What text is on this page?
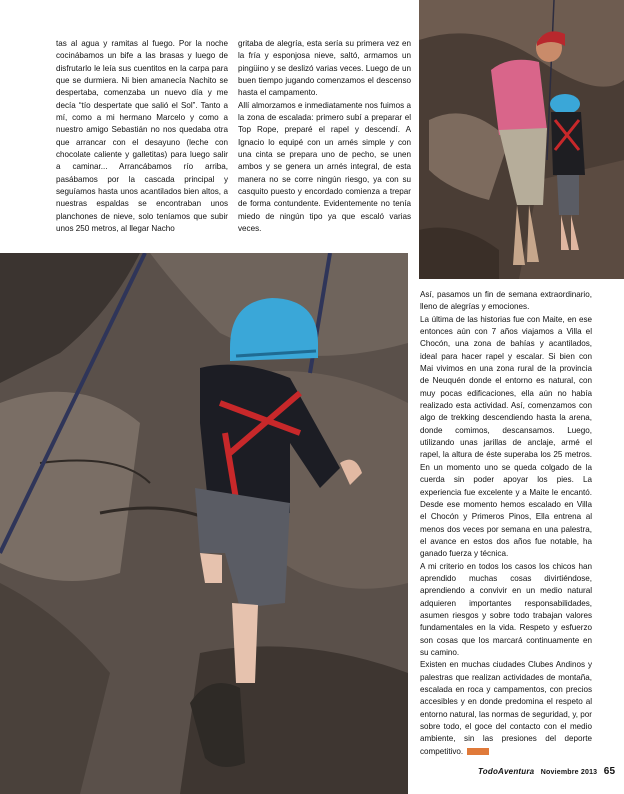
tas al agua y ramitas al fuego. Por la noche cocinábamos un bife a las brasas y luego de disfrutarlo le leía sus cuentitos en la carpa para que se durmiera. Ni bien amanecía Nachito se despertaba, comenzaba un nuevo día y me decía “tío despertate que salió el Sol”. Tanto a mí, como a mi hermano Marcelo y como a nuestro amigo Sebastián no nos quedaba otra que arrancar con el desayuno (leche con chocolate caliente y galletitas) para luego salir a caminar... Arrancábamos río arriba, pasábamos por la cascada principal y seguíamos hasta unos acantilados bien altos, a nuestras espaldas se encontraban unos planchones de nieve, solo teníamos que subir unos 250 metros, al llegar Nacho

gritaba de alegría, esta sería su primera vez en la fría y esponjosa nieve, saltó, armamos un pingüino y se deslizó varias veces. Luego de un buen tiempo jugando comenzamos el descenso hasta el campamento.

Allí almorzamos e inmediatamente nos fuimos a la zona de escalada: primero subí a preparar el Top Rope, preparé el rapel y descendí. A Ignacio lo equipé con un arnés simple y con una cinta se prepara uno de pecho, se unen ambos y se genera un arnés integral, de esta manera no se corre ningún riesgo, ya con su casquito puesto y encordado comienza a trepar de forma contundente. Evidentemente no tenía miedo de ningún tipo ya que escaló varias veces.

Así, pasamos un fin de semana extraordinario, lleno de alegrías y emociones.

La última de las historias fue con Maite, en ese entonces aún con 7 años viajamos a Villa el Chocón, una zona de bahías y acantilados, ideal para hacer rapel y escalar. Si bien con Mai vivimos en una zona rural de la provincia de Neuquén donde el entorno es natural, con muy pocas edificaciones, ella aún no había realizado esta actividad. Así, comenzamos con algo de trekking descendiendo hasta la arena, donde comimos, descansamos. Luego, utilizando unas jarillas de anclaje, armé el rapel, la altura de éste superaba los 25 metros. En un momento uno se queda colgado de la cuerda sin poder apoyar los pies. La experiencia fue excelente y a Maite le encantó. Desde ese momento hemos escalado en Villa el Chocón y Primeros Pinos, Ella entrena al menos dos veces por semana en una palestra, el avance en estos dos años fue notable, ha ganado fuerza y técnica.

A mi criterio en todos los casos los chicos han aprendido muchas cosas divirtiéndose, aprendiendo a convivir en un medio natural adquieren importantes responsabilidades, asumen riesgos y sobre todo trabajan valores fundamentales en la vida. Respeto y esfuerzo son cosas que los marcará continuamente en su camino.

Existen en muchas ciudades Clubes Andinos y palestras que realizan actividades de montaña, escalada en roca y campamentos, con precios accesibles y en donde predomina el respeto al entorno natural, las normas de seguridad, y, por sobre todo, el goce del contacto con el medio ambiente, sin las presiones del deporte competitivo.

TodoAventura Noviembre 2013 65
